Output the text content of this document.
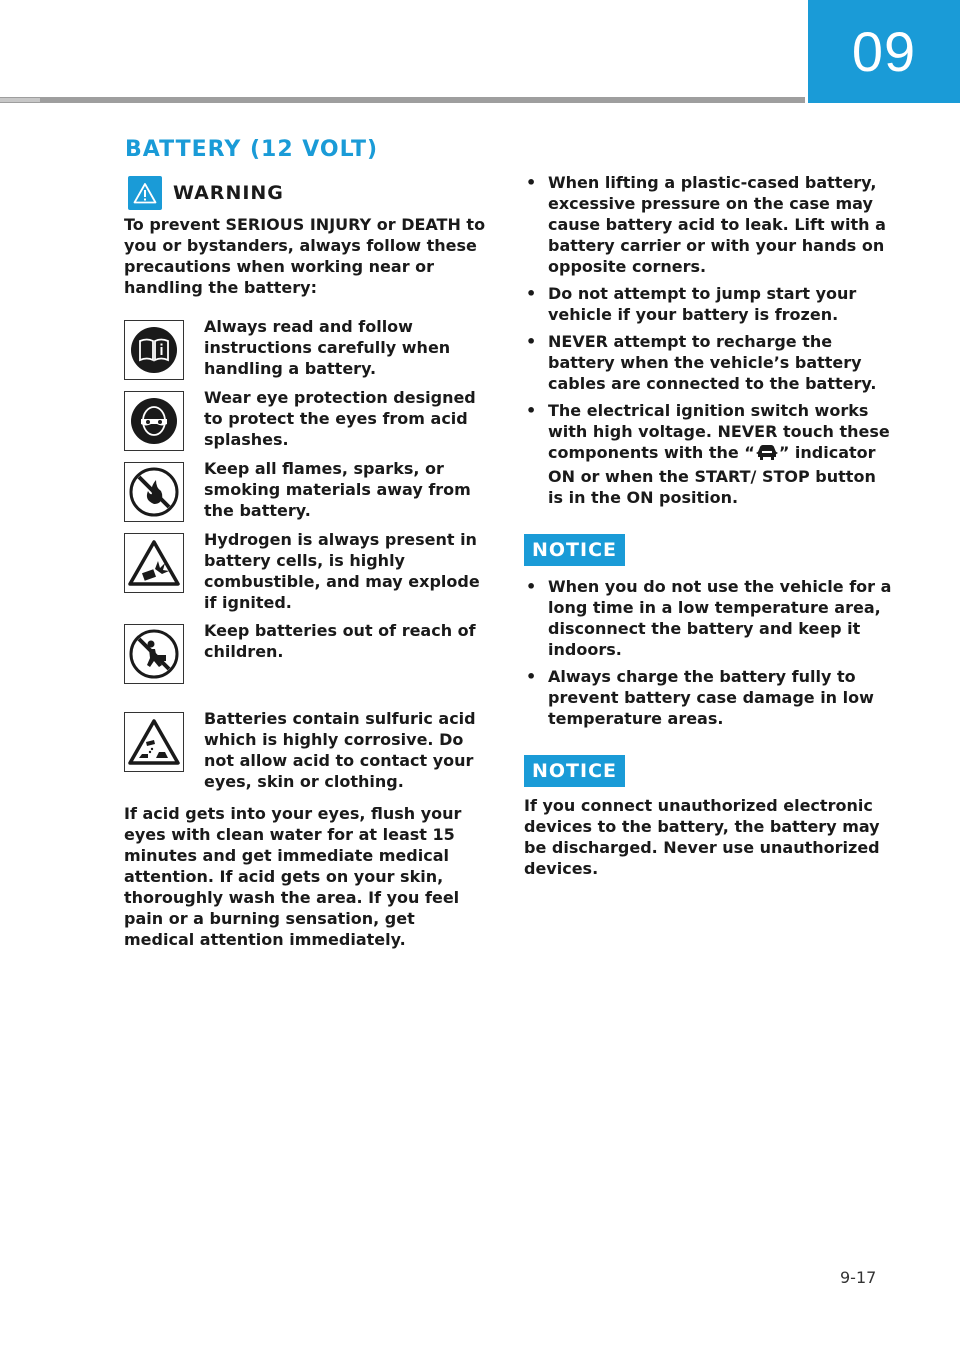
09
BATTERY (12 VOLT)
WARNING

To prevent SERIOUS INJURY or DEATH to you or bystanders, always follow these precautions when working near or handling the battery:

Always read and follow instructions carefully when handling a battery.
Wear eye protection designed to protect the eyes from acid splashes.
Keep all flames, sparks, or smoking materials away from the battery.
Hydrogen is always present in battery cells, is highly combustible, and may explode if ignited.
Keep batteries out of reach of children.
Batteries contain sulfuric acid which is highly corrosive. Do not allow acid to contact your eyes, skin or clothing.

If acid gets into your eyes, flush your eyes with clean water for at least 15 minutes and get immediate medical attention. If acid gets on your skin, thoroughly wash the area. If you feel pain or a burning sensation, get medical attention immediately.

• When lifting a plastic-cased battery, excessive pressure on the case may cause battery acid to leak. Lift with a battery carrier or with your hands on opposite corners.
• Do not attempt to jump start your vehicle if your battery is frozen.
• NEVER attempt to recharge the battery when the vehicle’s battery cables are connected to the battery.
• The electrical ignition switch works with high voltage. NEVER touch these components with the “ ” indicator ON or when the START/ STOP button is in the ON position.
NOTICE
• When you do not use the vehicle for a long time in a low temperature area, disconnect the battery and keep it indoors.
• Always charge the battery fully to prevent battery case damage in low temperature areas.
NOTICE

If you connect unauthorized electronic devices to the battery, the battery may be discharged. Never use unauthorized devices.

9-17
